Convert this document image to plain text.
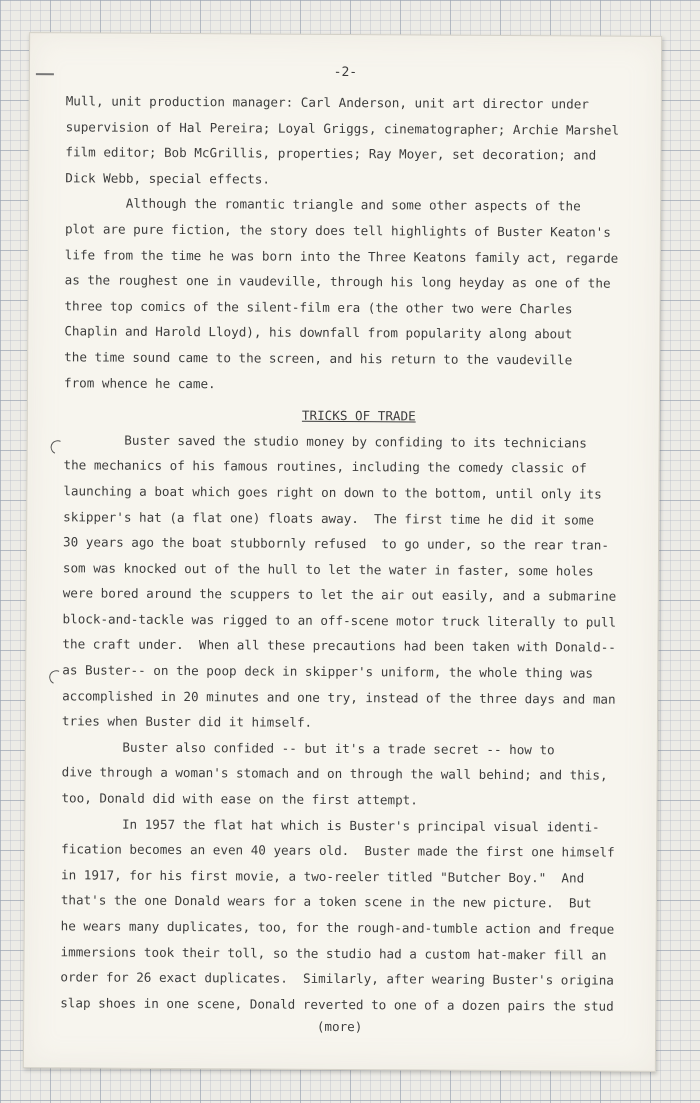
-2-
Mull, unit production manager: Carl Anderson, unit art director under
supervision of Hal Pereira; Loyal Griggs, cinematographer; Archie Marshel
film editor; Bob McGrillis, properties; Ray Moyer, set decoration; and
Dick Webb, special effects.
Although the romantic triangle and some other aspects of the
plot are pure fiction, the story does tell highlights of Buster Keaton's
life from the time he was born into the Three Keatons family act, regarde
as the roughest one in vaudeville, through his long heyday as one of the
three top comics of the silent-film era (the other two were Charles
Chaplin and Harold Lloyd), his downfall from popularity along about
the time sound came to the screen, and his return to the vaudeville
from whence he came.
TRICKS OF TRADE
Buster saved the studio money by confiding to its technicians
the mechanics of his famous routines, including the comedy classic of
launching a boat which goes right on down to the bottom, until only its
skipper's hat (a flat one) floats away.  The first time he did it some
30 years ago the boat stubbornly refused  to go under, so the rear tran-
som was knocked out of the hull to let the water in faster, some holes
were bored around the scuppers to let the air out easily, and a submarine
block-and-tackle was rigged to an off-scene motor truck literally to pull
the craft under.  When all these precautions had been taken with Donald--
as Buster-- on the poop deck in skipper's uniform, the whole thing was
accomplished in 20 minutes and one try, instead of the three days and man
tries when Buster did it himself.
Buster also confided -- but it's a trade secret -- how to
dive through a woman's stomach and on through the wall behind; and this,
too, Donald did with ease on the first attempt.
In 1957 the flat hat which is Buster's principal visual identi-
fication becomes an even 40 years old.  Buster made the first one himself
in 1917, for his first movie, a two-reeler titled "Butcher Boy."  And
that's the one Donald wears for a token scene in the new picture.  But
he wears many duplicates, too, for the rough-and-tumble action and freque
immersions took their toll, so the studio had a custom hat-maker fill an
order for 26 exact duplicates.  Similarly, after wearing Buster's origina
slap shoes in one scene, Donald reverted to one of a dozen pairs the stud
(more)
